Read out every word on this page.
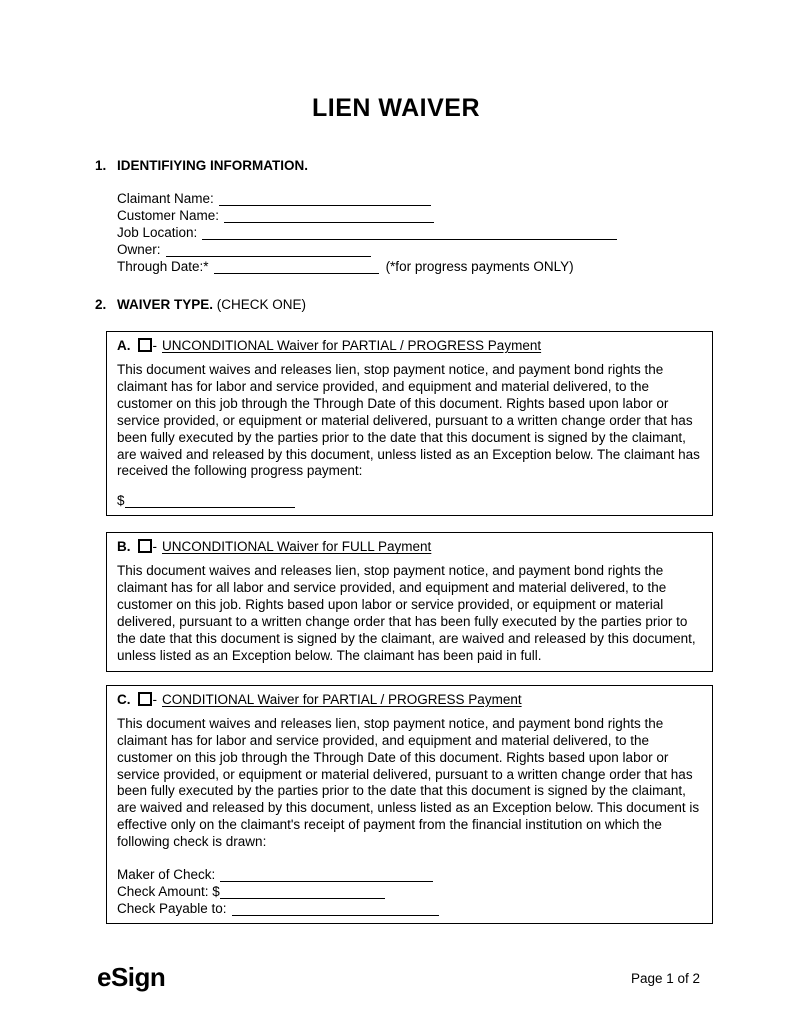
LIEN WAIVER
1. IDENTIFIYING INFORMATION.
Claimant Name:
Customer Name:
Job Location:
Owner:
Through Date:*	(*for progress payments ONLY)
2. WAIVER TYPE. (CHECK ONE)
A. - UNCONDITIONAL Waiver for PARTIAL / PROGRESS Payment
This document waives and releases lien, stop payment notice, and payment bond rights the claimant has for labor and service provided, and equipment and material delivered, to the customer on this job through the Through Date of this document. Rights based upon labor or service provided, or equipment or material delivered, pursuant to a written change order that has been fully executed by the parties prior to the date that this document is signed by the claimant, are waived and released by this document, unless listed as an Exception below. The claimant has received the following progress payment:
$
B. - UNCONDITIONAL Waiver for FULL Payment
This document waives and releases lien, stop payment notice, and payment bond rights the claimant has for all labor and service provided, and equipment and material delivered, to the customer on this job. Rights based upon labor or service provided, or equipment or material delivered, pursuant to a written change order that has been fully executed by the parties prior to the date that this document is signed by the claimant, are waived and released by this document, unless listed as an Exception below. The claimant has been paid in full.
C. - CONDITIONAL Waiver for PARTIAL / PROGRESS Payment
This document waives and releases lien, stop payment notice, and payment bond rights the claimant has for labor and service provided, and equipment and material delivered, to the customer on this job through the Through Date of this document. Rights based upon labor or service provided, or equipment or material delivered, pursuant to a written change order that has been fully executed by the parties prior to the date that this document is signed by the claimant, are waived and released by this document, unless listed as an Exception below. This document is effective only on the claimant's receipt of payment from the financial institution on which the following check is drawn:
Maker of Check:
Check Amount: $
Check Payable to:
eSign	Page 1 of 2
